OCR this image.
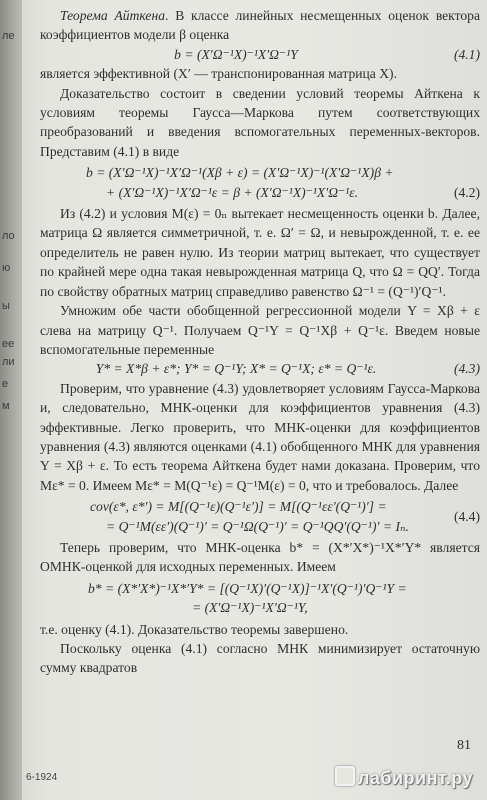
ле
ло
ю
ы
ее
ли
е
м

Теорема Айткена. В классе линейных несмещенных оценок вектора коэффициентов модели β оценка

b = (X′Ω⁻¹X)⁻¹X′Ω⁻¹Y	(4.1)

является эффективной (X′ — транспонированная матрица X).

Доказательство состоит в сведении условий теоремы Айткена к условиям теоремы Гаусса—Маркова путем соответствующих преобразований и введения вспомогательных переменных-векторов. Представим (4.1) в виде

b = (X′Ω⁻¹X)⁻¹X′Ω⁻¹(Xβ + ε) = (X′Ω⁻¹X)⁻¹(X′Ω⁻¹X)β +
+ (X′Ω⁻¹X)⁻¹X′Ω⁻¹ε = β + (X′Ω⁻¹X)⁻¹X′Ω⁻¹ε.	(4.2)

Из (4.2) и условия M(ε) = 0ₙ вытекает несмещенность оценки b. Далее, матрица Ω является симметричной, т. е. Ω′ = Ω, и невырожденной, т. е. ее определитель не равен нулю. Из теории матриц вытекает, что существует по крайней мере одна такая невырожденная матрица Q, что Ω = QQ′. Тогда по свойству обратных матриц справедливо равенство Ω⁻¹ = (Q⁻¹)′Q⁻¹.

Умножим обе части обобщенной регрессионной модели Y = Xβ + ε слева на матрицу Q⁻¹. Получаем Q⁻¹Y = Q⁻¹Xβ + Q⁻¹ε. Введем новые вспомогательные переменные

Y* = X*β + ε*; Y* = Q⁻¹Y; X* = Q⁻¹X; ε* = Q⁻¹ε.	(4.3)

Проверим, что уравнение (4.3) удовлетворяет условиям Гаусса-Маркова и, следовательно, МНК-оценки для коэффициентов уравнения (4.3) эффективные. Легко проверить, что МНК-оценки для коэффициентов уравнения (4.3) являются оценками (4.1) обобщенного МНК для уравнения Y = Xβ + ε. То есть теорема Айткена будет нами доказана. Проверим, что Mε* = 0. Имеем Mε* = M(Q⁻¹ε) = Q⁻¹M(ε) = 0, что и требовалось. Далее

cov(ε*, ε*′) = M[(Q⁻¹ε)(Q⁻¹ε′)] = M[(Q⁻¹εε′(Q⁻¹)′] =
= Q⁻¹M(εε′)(Q⁻¹)′ = Q⁻¹Ω(Q⁻¹)′ = Q⁻¹QQ′(Q⁻¹)′ = Iₙ.
(4.4)

Теперь проверим, что МНК-оценка b* = (X*′X*)⁻¹X*′Y* является ОМНК-оценкой для исходных переменных. Имеем

b* = (X*′X*)⁻¹X*′Y* = [(Q⁻¹X)′(Q⁻¹X)]⁻¹X′(Q⁻¹)′Q⁻¹Y =
= (X′Ω⁻¹X)⁻¹X′Ω⁻¹Y,

т.е. оценку (4.1). Доказательство теоремы завершено.

Поскольку оценка (4.1) согласно МНК минимизирует остаточную сумму квадратов

81
6-1924	лабиринт.ру
